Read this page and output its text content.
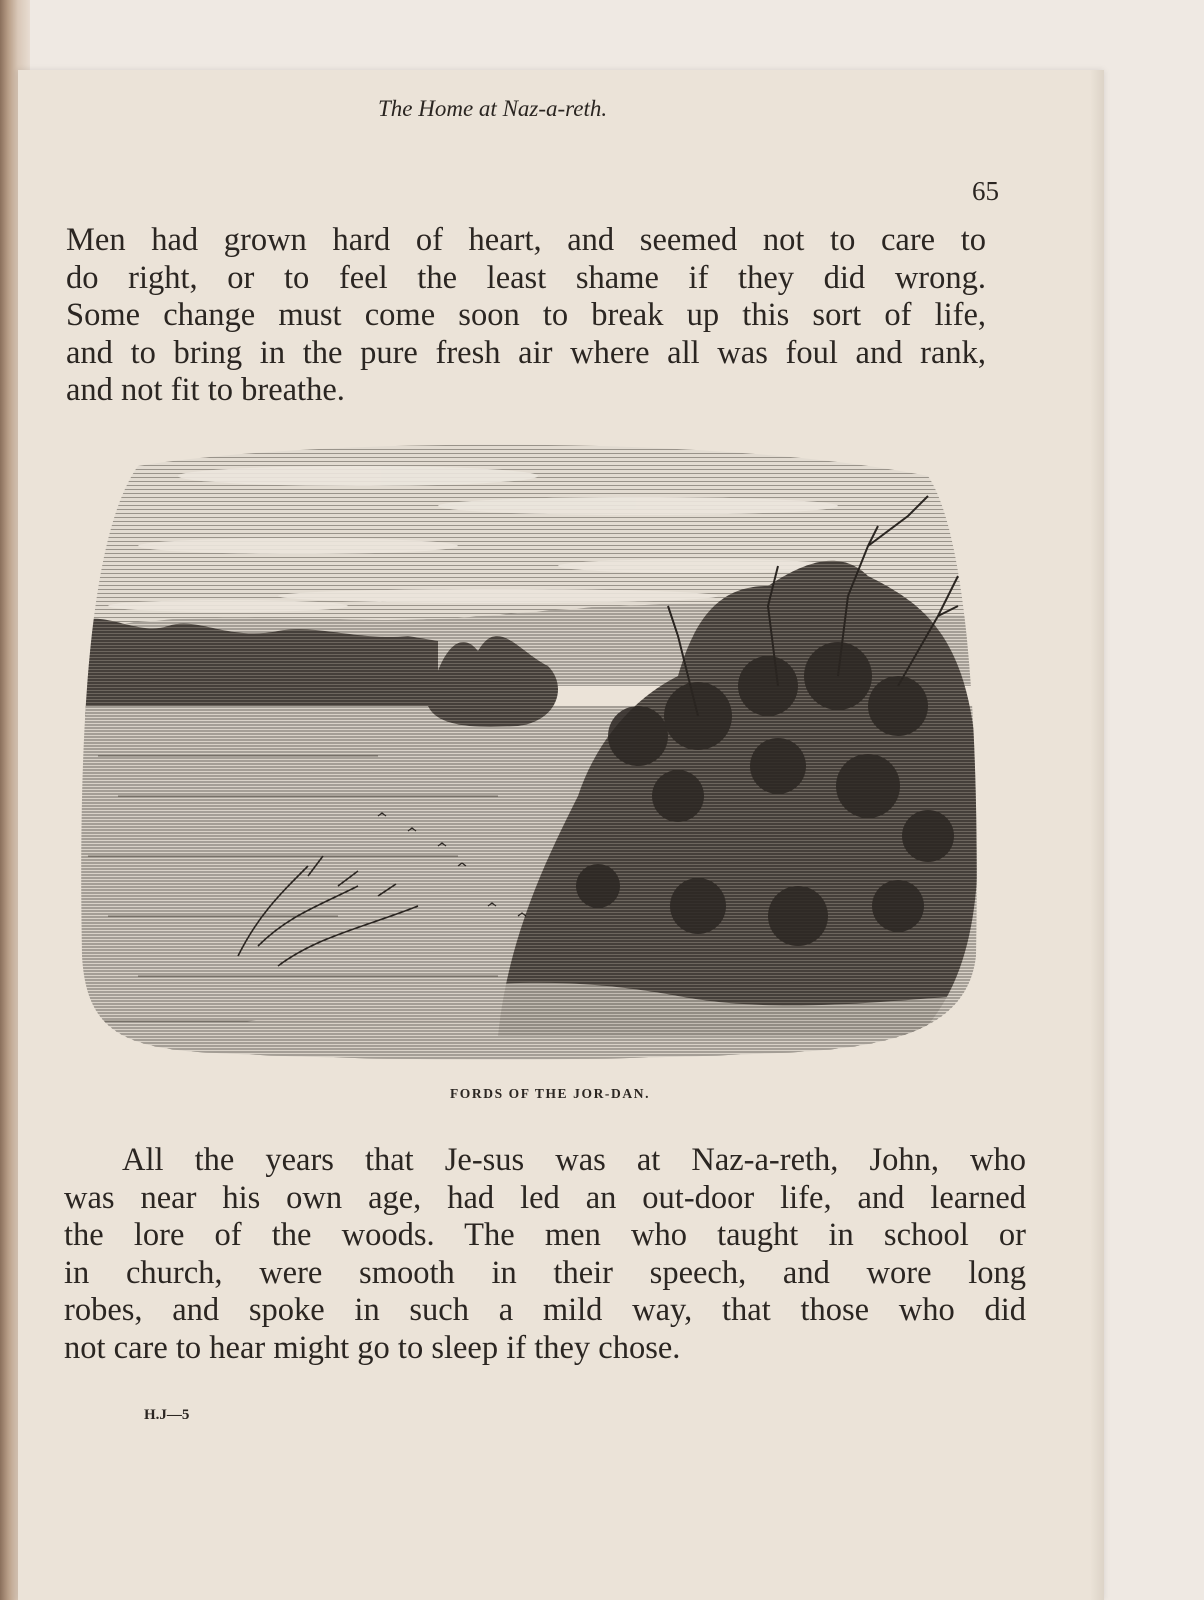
The Home at Naz-a-reth.
65

Men had grown hard of heart, and seemed not to care to
do right, or to feel the least shame if they did wrong.
Some change must come soon to break up this sort of life,
and to bring in the pure fresh air where all was foul and rank,
and not fit to breathe.

FORDS OF THE JOR-DAN.

All the years that Je-sus was at Naz-a-reth, John, who
was near his own age, had led an out-door life, and learned
the lore of the woods. The men who taught in school or
in church, were smooth in their speech, and wore long
robes, and spoke in such a mild way, that those who did
not care to hear might go to sleep if they chose.

H.J—5
